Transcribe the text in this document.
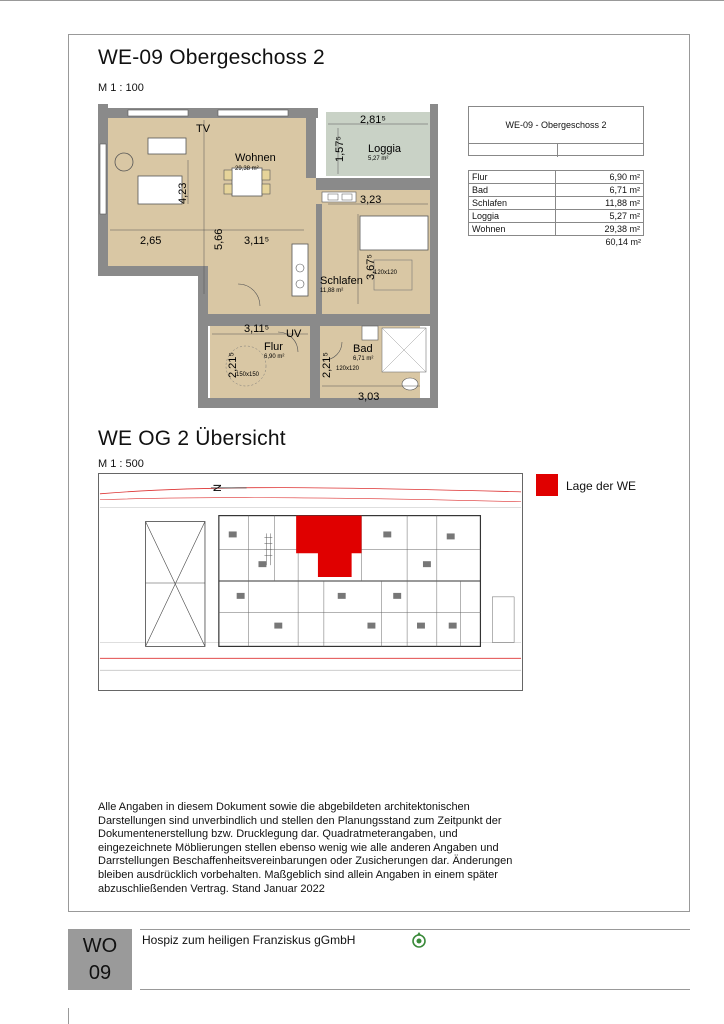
WE-09 Obergeschoss 2
M 1 : 100
Wohnen
29,38 m²
Loggia
5,27 m²
Schlafen
11,88 m²
Flur
6,90 m²
Bad
6,71 m²
TV
UV
120x120
120x120
150x150
2,81⁵
1,57⁵
4,23
5,66
2,65	3,11⁵
3,23
3,67⁵
3,11⁵
2,21⁵	2,21⁵
3,03
WE-09 - Obergeschoss 2
Flur	6,90 m²
Bad	6,71 m²
Schlafen	11,88 m²
Loggia	5,27 m²
Wohnen	29,38 m²
60,14 m²
WE OG 2 Übersicht
M 1 : 500
N	Lage der WE
Alle Angaben in diesem Dokument sowie die abgebildeten architektonischen Darstellungen sind unverbindlich und stellen den Planungsstand zum Zeitpunkt der Dokumentenerstellung bzw. Drucklegung dar. Quadratmeterangaben, und eingezeichnete Möblierungen stellen ebenso wenig wie alle anderen Angaben und Darrstellungen Beschaffenheitsvereinbarungen oder Zusicherungen dar. Änderungen bleiben ausdrücklich vorbehalten. Maßgeblich sind allein Angaben in einem später abzuschließenden Vertrag. Stand Januar 2022
WO
09
Hospiz zum heiligen Franziskus gGmbH
